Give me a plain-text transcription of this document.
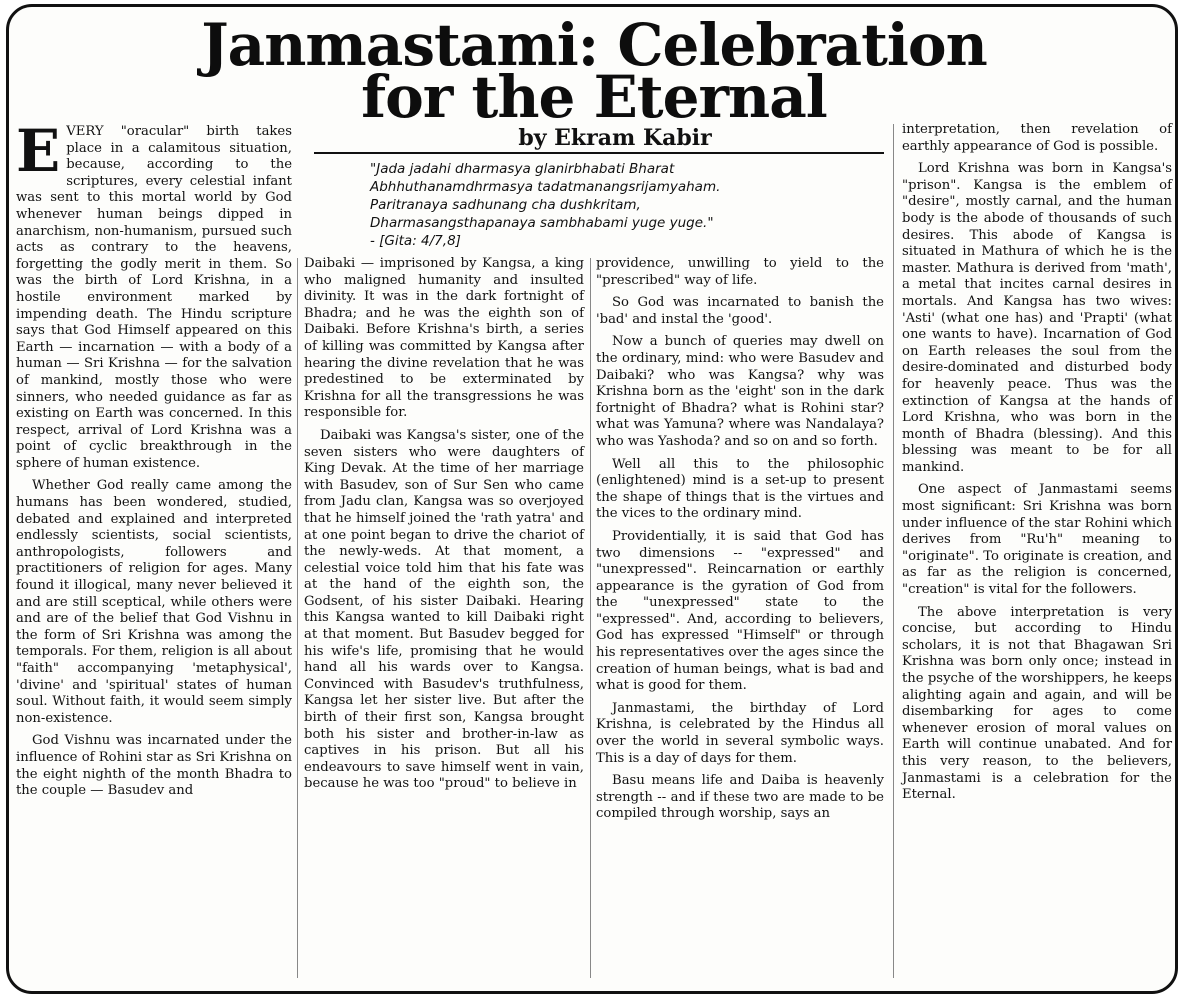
Janmastami: Celebration
for the Eternal
by Ekram Kabir
"Jada jadahi dharmasya glanirbhabati Bharat
Abhhuthanamdhrmasya tadatmanangsrijamyaham.
Paritranaya sadhunang cha dushkritam,
Dharmasangsthapanaya sambhabami yuge yuge."
- [Gita: 4/7,8]
E VERY "oracular" birth takes place in a calamitous situation, because, according to the scriptures, every celestial infant was sent to this mortal world by God whenever human beings dipped in anarchism, non-humanism, pursued such acts as contrary to the heavens, forgetting the godly merit in them. So was the birth of Lord Krishna, in a hostile environment marked by impending death. The Hindu scripture says that God Himself appeared on this Earth — incarnation — with a body of a human — Sri Krishna — for the salvation of mankind, mostly those who were sinners, who needed guidance as far as existing on Earth was concerned. In this respect, arrival of Lord Krishna was a point of cyclic breakthrough in the sphere of human existence.

Whether God really came among the humans has been wondered, studied, debated and explained and interpreted endlessly scientists, social scientists, anthropologists, followers and practitioners of religion for ages. Many found it illogical, many never believed it and are still sceptical, while others were and are of the belief that God Vishnu in the form of Sri Krishna was among the temporals. For them, religion is all about "faith" accompanying 'metaphysical', 'divine' and 'spiritual' states of human soul. Without faith, it would seem simply non-existence.

God Vishnu was incarnated under the influence of Rohini star as Sri Krishna on the eight nighth of the month Bhadra to the couple — Basudev and

Daibaki — imprisoned by Kangsa, a king who maligned humanity and insulted divinity. It was in the dark fortnight of Bhadra; and he was the eighth son of Daibaki. Before Krishna's birth, a series of killing was committed by Kangsa after hearing the divine revelation that he was predestined to be exterminated by Krishna for all the transgressions he was responsible for.

Daibaki was Kangsa's sister, one of the seven sisters who were daughters of King Devak. At the time of her marriage with Basudev, son of Sur Sen who came from Jadu clan, Kangsa was so overjoyed that he himself joined the 'rath yatra' and at one point began to drive the chariot of the newly-weds. At that moment, a celestial voice told him that his fate was at the hand of the eighth son, the Godsent, of his sister Daibaki. Hearing this Kangsa wanted to kill Daibaki right at that moment. But Basudev begged for his wife's life, promising that he would hand all his wards over to Kangsa. Convinced with Basudev's truthfulness, Kangsa let her sister live. But after the birth of their first son, Kangsa brought both his sister and brother-in-law as captives in his prison. But all his endeavours to save himself went in vain, because he was too "proud" to believe in

providence, unwilling to yield to the "prescribed" way of life.

So God was incarnated to banish the 'bad' and instal the 'good'.

Now a bunch of queries may dwell on the ordinary, mind: who were Basudev and Daibaki? who was Kangsa? why was Krishna born as the 'eight' son in the dark fortnight of Bhadra? what is Rohini star? what was Yamuna? where was Nandalaya? who was Yashoda? and so on and so forth.

Well all this to the philosophic (enlightened) mind is a set-up to present the shape of things that is the virtues and the vices to the ordinary mind.

Providentially, it is said that God has two dimensions -- "expressed" and "unexpressed". Reincarnation or earthly appearance is the gyration of God from the "unexpressed" state to the "expressed". And, according to believers, God has expressed "Himself" or through his representatives over the ages since the creation of human beings, what is bad and what is good for them.

Janmastami, the birthday of Lord Krishna, is celebrated by the Hindus all over the world in several symbolic ways. This is a day of days for them.

Basu means life and Daiba is heavenly strength -- and if these two are made to be compiled through worship, says an

interpretation, then revelation of earthly appearance of God is possible.

Lord Krishna was born in Kangsa's "prison". Kangsa is the emblem of "desire", mostly carnal, and the human body is the abode of thousands of such desires. This abode of Kangsa is situated in Mathura of which he is the master. Mathura is derived from 'math', a metal that incites carnal desires in mortals. And Kangsa has two wives: 'Asti' (what one has) and 'Prapti' (what one wants to have). Incarnation of God on Earth releases the soul from the desire-dominated and disturbed body for heavenly peace. Thus was the extinction of Kangsa at the hands of Lord Krishna, who was born in the month of Bhadra (blessing). And this blessing was meant to be for all mankind.

One aspect of Janmastami seems most significant: Sri Krishna was born under influence of the star Rohini which derives from "Ru'h" meaning to "originate". To originate is creation, and as far as the religion is concerned, "creation" is vital for the followers.

The above interpretation is very concise, but according to Hindu scholars, it is not that Bhagawan Sri Krishna was born only once; instead in the psyche of the worshippers, he keeps alighting again and again, and will be disembarking for ages to come whenever erosion of moral values on Earth will continue unabated. And for this very reason, to the believers, Janmastami is a celebration for the Eternal.
